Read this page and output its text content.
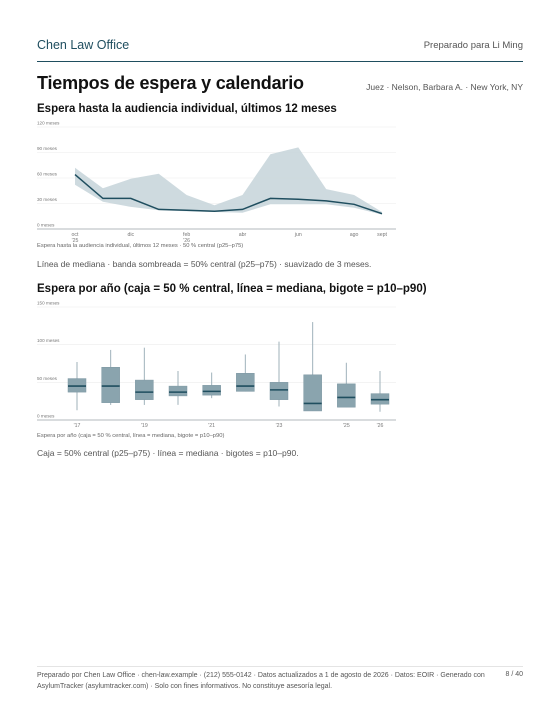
Chen Law Office	Preparado para Li Ming
Tiempos de espera y calendario	Juez · Nelson, Barbara A. · New York, NY
Espera hasta la audiencia individual, últimos 12 meses
0 meses
30 meses
60 meses
90 meses
120 meses
oct
'25
dic	feb
'26
abr	jun	ago	sept
Espera hasta la audiencia individual, últimos 12 meses · 50 % central (p25–p75)
Línea de mediana · banda sombreada = 50% central (p25–p75) · suavizado de 3 meses.
Espera por año (caja = 50 % central, línea = mediana, bigote = p10–p90)
0 meses
50 meses
100 meses
150 meses
'17	'19	'21	'23	'25	'26
Espera por año (caja = 50 % central, línea = mediana, bigote = p10–p90)
Caja = 50% central (p25–p75) · línea = mediana · bigotes = p10–p90.
Preparado por Chen Law Office · chen-law.example · (212) 555-0142 · Datos actualizados a 1 de agosto de 2026 · Datos: EOIR · Generado con
AsylumTracker (asylumtracker.com) · Solo con fines informativos. No constituye asesoría legal.
8 / 40
